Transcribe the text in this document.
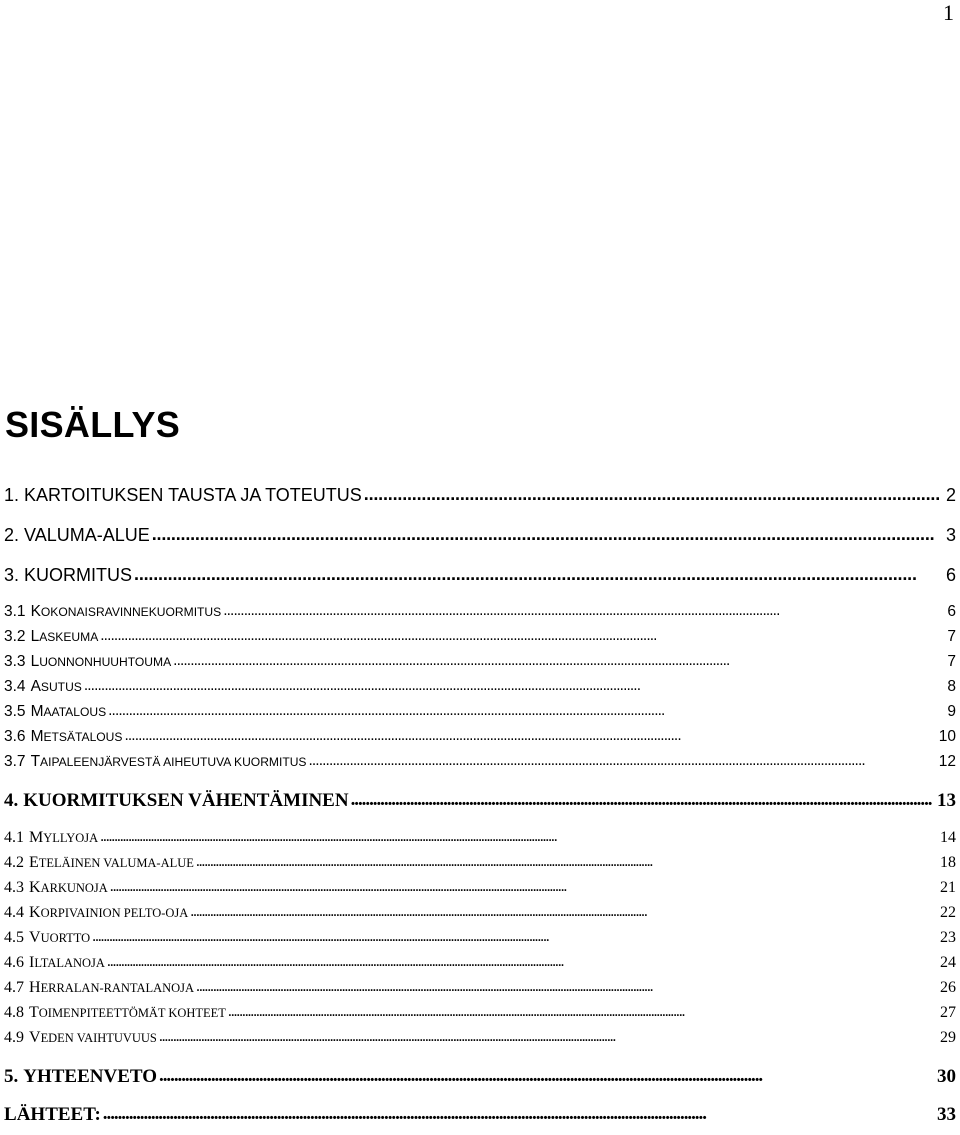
1
SISÄLLYS
1. KARTOITUKSEN TAUSTA JA TOTEUTUS . . .	2
2. VALUMA-ALUE . . .	3
3. KUORMITUS . . .	6
3.1 KOKONAISRAVINNEKUORMITUS . . .	6
3.2 LASKEUMA . . .	7
3.3 LUONNONHUUHTOUMA . . .	7
3.4 ASUTUS . . .	8
3.5 MAATALOUS . . .	9
3.6 METSÄTALOUS . . .	10
3.7 TAIPALEENJÄRVESTÄ AIHEUTUVA KUORMITUS . . .	12
4. KUORMITUKSEN VÄHENTÄMINEN . . .	13
4.1 MYLLYOJA . . .	14
4.2 ETELÄINEN VALUMA-ALUE . . .	18
4.3 KARKUNOJA . . .	21
4.4 KORPIVAINION PELTO-OJA . . .	22
4.5 VUORTTO . . .	23
4.6 ILTALANOJA . . .	24
4.7 HERRALAN-RANTALANOJA . . .	26
4.8 TOIMENPITEETTÖMÄT KOHTEET . . .	27
4.9 VEDEN VAIHTUVUUS . . .	29
5. YHTEENVETO . . .	30
LÄHTEET: . . .	33
